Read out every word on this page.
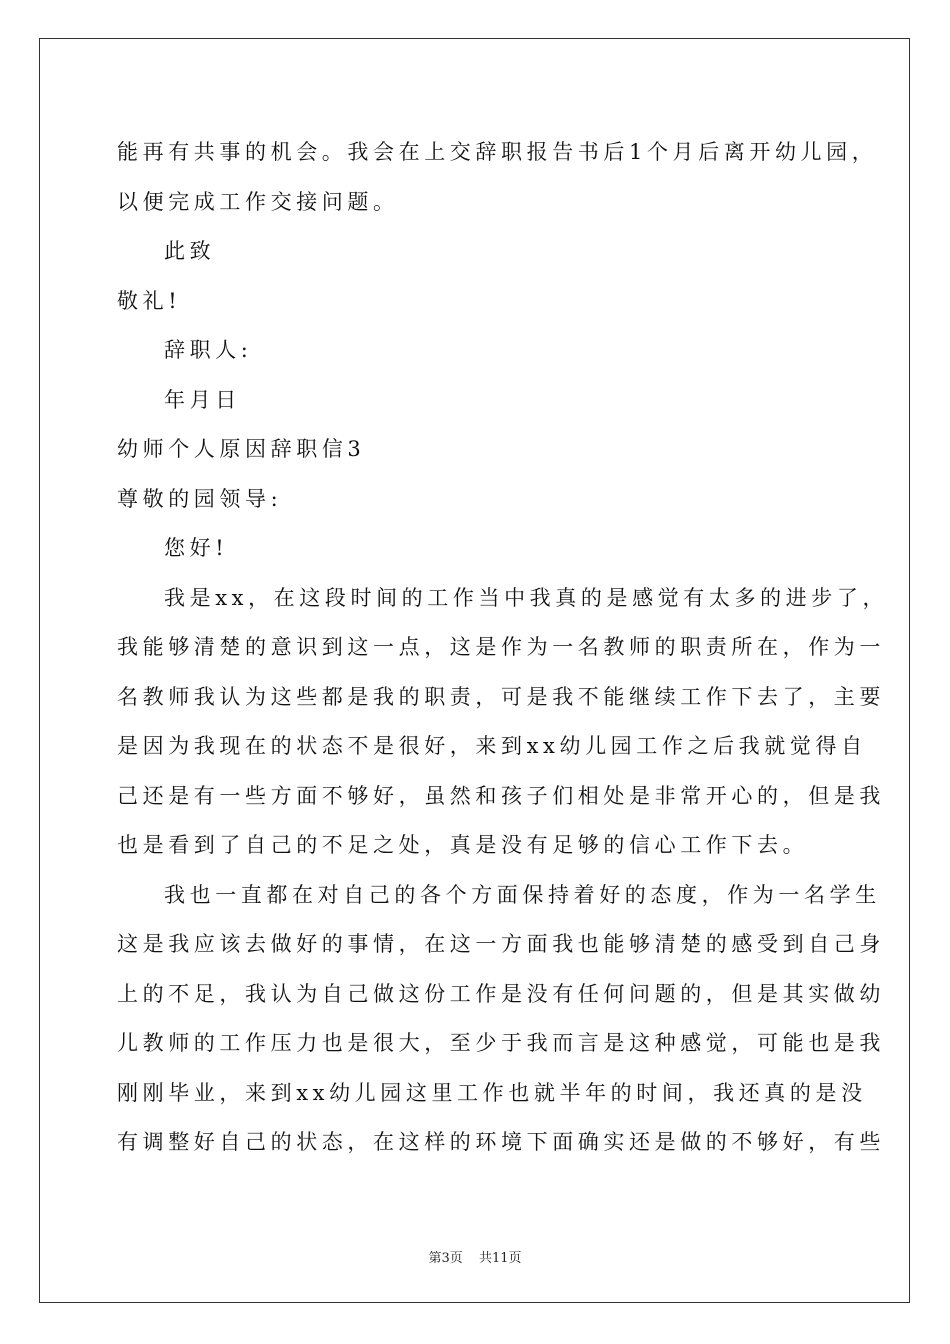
能再有共事的机会。我会在上交辞职报告书后1个月后离开幼儿园，
以便完成工作交接问题。
此致
敬礼!
辞职人:
年月日
幼师个人原因辞职信3
尊敬的园领导:
您好!
我是xx，在这段时间的工作当中我真的是感觉有太多的进步了，
我能够清楚的意识到这一点，这是作为一名教师的职责所在，作为一
名教师我认为这些都是我的职责，可是我不能继续工作下去了，主要
是因为我现在的状态不是很好，来到xx幼儿园工作之后我就觉得自
己还是有一些方面不够好，虽然和孩子们相处是非常开心的，但是我
也是看到了自己的不足之处，真是没有足够的信心工作下去。
我也一直都在对自己的各个方面保持着好的态度，作为一名学生
这是我应该去做好的事情，在这一方面我也能够清楚的感受到自己身
上的不足，我认为自己做这份工作是没有任何问题的，但是其实做幼
儿教师的工作压力也是很大，至少于我而言是这种感觉，可能也是我
刚刚毕业，来到xx幼儿园这里工作也就半年的时间，我还真的是没
有调整好自己的状态，在这样的环境下面确实还是做的不够好，有些
第3页 共11页
